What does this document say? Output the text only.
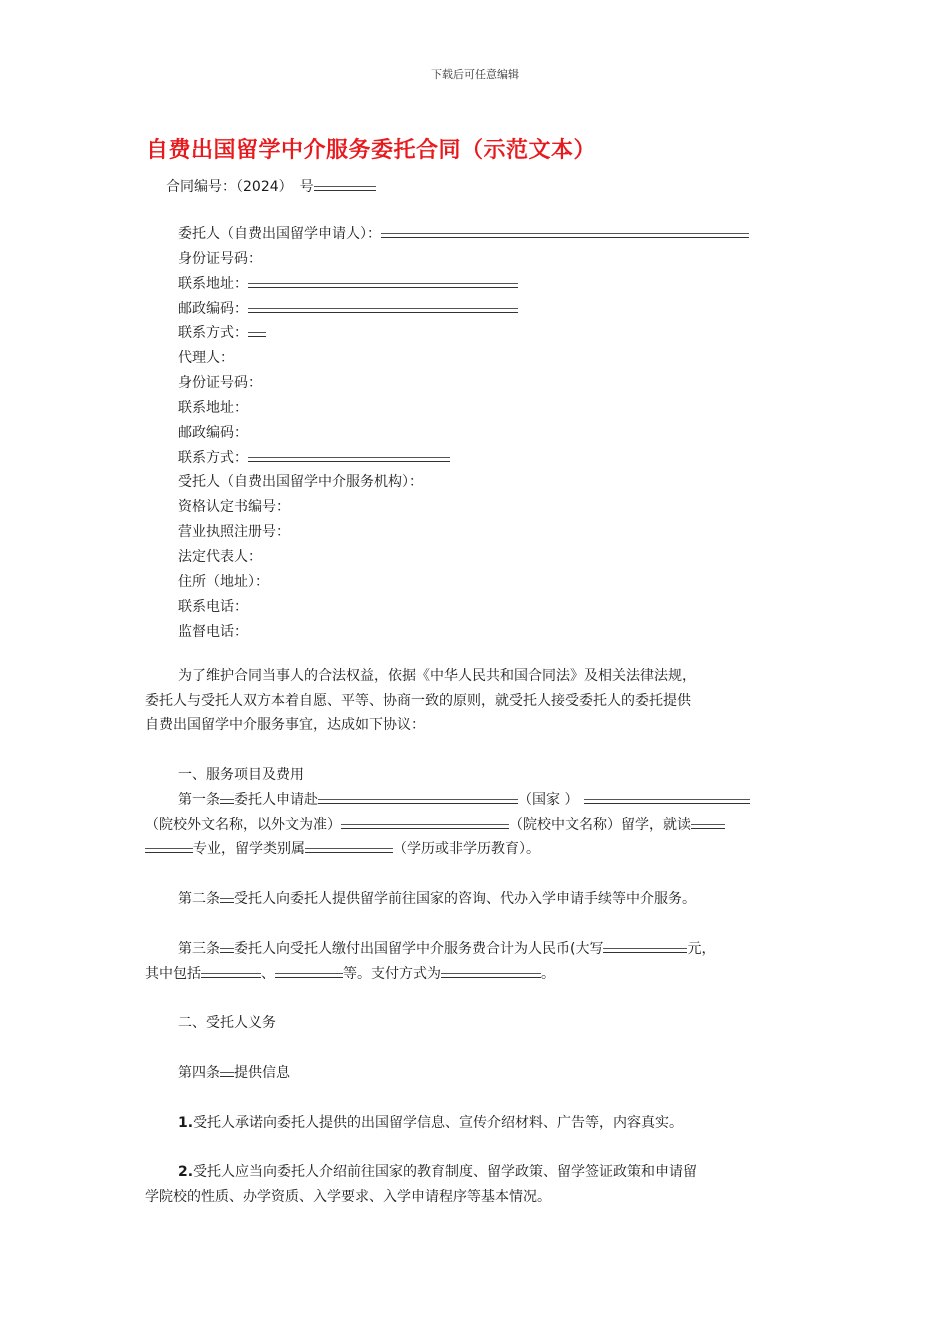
下载后可任意编辑
自费出国留学中介服务委托合同（示范文本）
合同编号：（2024）　号
委托人（自费出国留学申请人）：
身份证号码：
联系地址：
邮政编码：
联系方式：
代理人：
身份证号码：
联系地址：
邮政编码：
联系方式：
受托人（自费出国留学中介服务机构）：
资格认定书编号：
营业执照注册号：
法定代表人：
住所（地址）：
联系电话：
监督电话：
为了维护合同当事人的合法权益，依据《中华人民共和国合同法》及相关法律法规，
委托人与受托人双方本着自愿、平等、协商一致的原则，就受托人接受委托人的委托提供
自费出国留学中介服务事宜，达成如下协议：
一、服务项目及费用
第一条 委托人申请赴	（国家 ）
（院校外文名称，以外文为准）	（院校中文名称）留学，就读
专业，留学类别属	（学历或非学历教育）。
第二条 受托人向委托人提供留学前往国家的咨询、代办入学申请手续等中介服务。
第三条 委托人向受托人缴付出国留学中介服务费合计为人民币(大写	元，
其中包括	、	等。支付方式为	。
二、受托人义务
第四条 提供信息
1.受托人承诺向委托人提供的出国留学信息、宣传介绍材料、广告等，内容真实。
2.受托人应当向委托人介绍前往国家的教育制度、留学政策、留学签证政策和申请留
学院校的性质、办学资质、入学要求、入学申请程序等基本情况。
